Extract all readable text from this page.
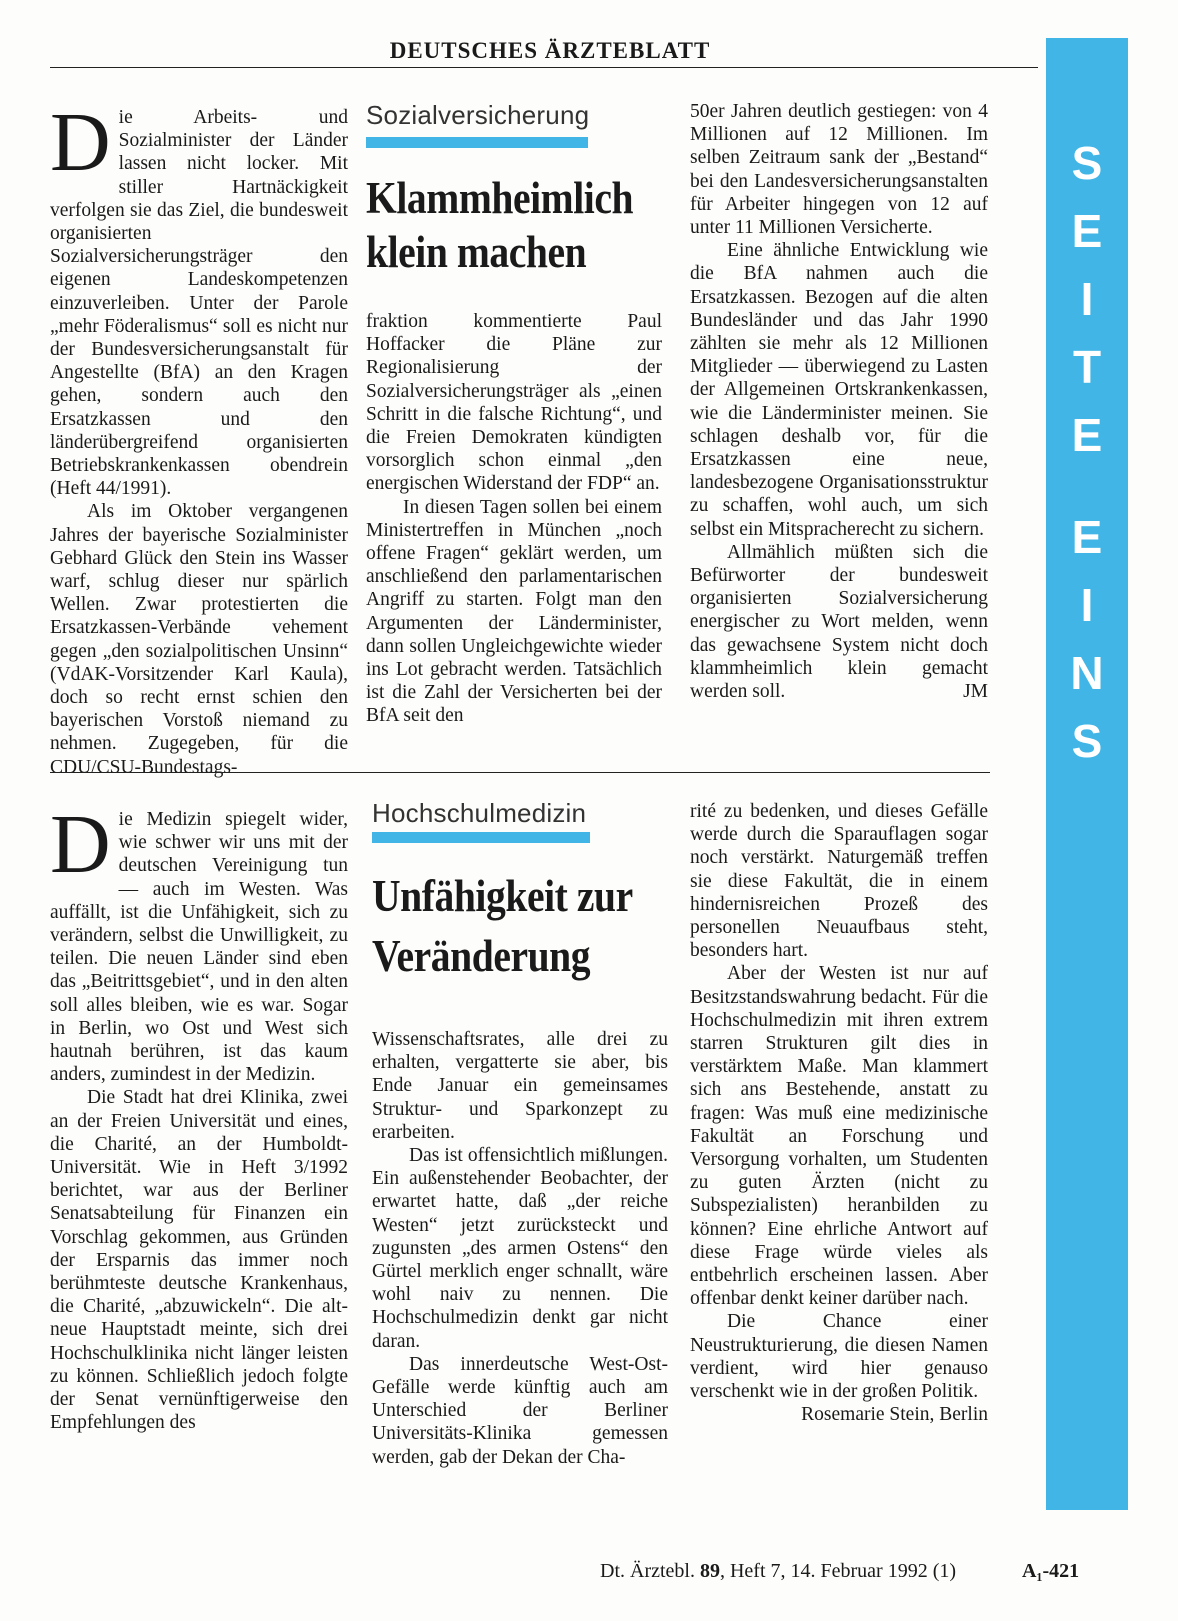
DEUTSCHES ÄRZTEBLATT
S
E
I
T
E
E
I
N
S

Die Arbeits- und Sozialminister der Länder lassen nicht locker. Mit stiller Hartnäckigkeit verfolgen sie das Ziel, die bundesweit organisierten Sozialversicherungsträger den eigenen Landeskompetenzen einzuverleiben. Unter der Parole „mehr Föderalismus“ soll es nicht nur der Bundesversicherungsanstalt für Angestellte (BfA) an den Kragen gehen, sondern auch den Ersatzkassen und den länderübergreifend organisierten Betriebskrankenkassen obendrein (Heft 44/1991).

Als im Oktober vergangenen Jahres der bayerische Sozialminister Gebhard Glück den Stein ins Wasser warf, schlug dieser nur spärlich Wellen. Zwar protestierten die Ersatzkassen-Verbände vehement gegen „den sozialpolitischen Unsinn“ (VdAK-Vorsitzender Karl Kaula), doch so recht ernst schien den bayerischen Vorstoß niemand zu nehmen. Zugegeben, für die CDU/CSU-Bundestags-

Sozialversicherung
Klammheimlich
klein machen

fraktion kommentierte Paul Hoffacker die Pläne zur Regionalisierung der Sozialversicherungsträger als „einen Schritt in die falsche Richtung“, und die Freien Demokraten kündigten vorsorglich schon einmal „den energischen Widerstand der FDP“ an.

In diesen Tagen sollen bei einem Ministertreffen in München „noch offene Fragen“ geklärt werden, um anschließend den parlamentarischen Angriff zu starten. Folgt man den Argumenten der Länderminister, dann sollen Ungleichgewichte wieder ins Lot gebracht werden. Tatsächlich ist die Zahl der Versicherten bei der BfA seit den

50er Jahren deutlich gestiegen: von 4 Millionen auf 12 Millionen. Im selben Zeitraum sank der „Bestand“ bei den Landesversicherungsanstalten für Arbeiter hingegen von 12 auf unter 11 Millionen Versicherte.

Eine ähnliche Entwicklung wie die BfA nahmen auch die Ersatzkassen. Bezogen auf die alten Bundesländer und das Jahr 1990 zählten sie mehr als 12 Millionen Mitglieder — überwiegend zu Lasten der Allgemeinen Ortskrankenkassen, wie die Länderminister meinen. Sie schlagen deshalb vor, für die Ersatzkassen eine neue, landesbezogene Organisationsstruktur zu schaffen, wohl auch, um sich selbst ein Mitspracherecht zu sichern.

Allmählich müßten sich die Befürworter der bundesweit organisierten Sozialversicherung energischer zu Wort melden, wenn das gewachsene System nicht doch klammheimlich klein gemacht werden soll.	JM

Die Medizin spiegelt wider, wie schwer wir uns mit der deutschen Vereinigung tun — auch im Westen. Was auffällt, ist die Unfähigkeit, sich zu verändern, selbst die Unwilligkeit, zu teilen. Die neuen Länder sind eben das „Beitrittsgebiet“, und in den alten soll alles bleiben, wie es war. Sogar in Berlin, wo Ost und West sich hautnah berühren, ist das kaum anders, zumindest in der Medizin.

Die Stadt hat drei Klinika, zwei an der Freien Universität und eines, die Charité, an der Humboldt-Universität. Wie in Heft 3/1992 berichtet, war aus der Berliner Senatsabteilung für Finanzen ein Vorschlag gekommen, aus Gründen der Ersparnis das immer noch berühmteste deutsche Krankenhaus, die Charité, „abzuwickeln“. Die alt-neue Hauptstadt meinte, sich drei Hochschulklinika nicht länger leisten zu können. Schließlich jedoch folgte der Senat vernünftigerweise den Empfehlungen des

Hochschulmedizin
Unfähigkeit zur
Veränderung

Wissenschaftsrates, alle drei zu erhalten, vergatterte sie aber, bis Ende Januar ein gemeinsames Struktur- und Sparkonzept zu erarbeiten.

Das ist offensichtlich mißlungen. Ein außenstehender Beobachter, der erwartet hatte, daß „der reiche Westen“ jetzt zurücksteckt und zugunsten „des armen Ostens“ den Gürtel merklich enger schnallt, wäre wohl naiv zu nennen. Die Hochschulmedizin denkt gar nicht daran.

Das innerdeutsche West-Ost-Gefälle werde künftig auch am Unterschied der Berliner Universitäts-Klinika gemessen werden, gab der Dekan der Cha-

rité zu bedenken, und dieses Gefälle werde durch die Sparauflagen sogar noch verstärkt. Naturgemäß treffen sie diese Fakultät, die in einem hindernisreichen Prozeß des personellen Neuaufbaus steht, besonders hart.

Aber der Westen ist nur auf Besitzstandswahrung bedacht. Für die Hochschulmedizin mit ihren extrem starren Strukturen gilt dies in verstärktem Maße. Man klammert sich ans Bestehende, anstatt zu fragen: Was muß eine medizinische Fakultät an Forschung und Versorgung vorhalten, um Studenten zu guten Ärzten (nicht zu Subspezialisten) heranbilden zu können? Eine ehrliche Antwort auf diese Frage würde vieles als entbehrlich erscheinen lassen. Aber offenbar denkt keiner darüber nach.

Die Chance einer Neustrukturierung, die diesen Namen verdient, wird hier genauso verschenkt wie in der großen Politik.
Rosemarie Stein, Berlin

Dt. Ärztebl. 89, Heft 7, 14. Februar 1992 (1)	A₁-421
